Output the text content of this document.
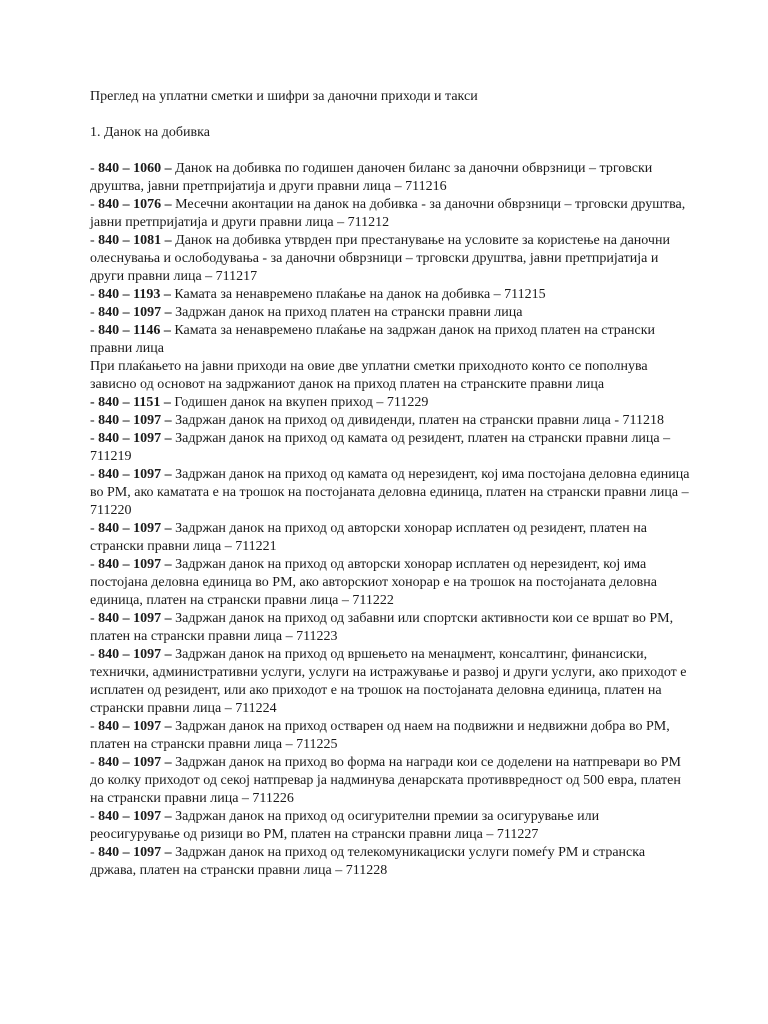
Преглед на уплатни сметки и шифри за даночни приходи и такси

1. Данок на добивка

- 840 – 1060 – Данок на добивка по годишен даночен биланс за даночни обврзници – трговски друштва, јавни претпријатија и други правни лица – 711216

- 840 – 1076 – Месечни аконтации на данок на добивка - за даночни обврзници – трговски друштва, јавни претпријатија и други правни лица – 711212

- 840 – 1081 – Данок на добивка утврден при престанување на условите за користење на даночни олеснувања и ослободувања - за даночни обврзници – трговски друштва, јавни претпријатија и други правни лица – 711217

- 840 – 1193 – Камата за ненавремено плаќање на данок на добивка – 711215

- 840 – 1097 – Задржан данок на приход платен на странски правни лица

- 840 – 1146 – Камата за ненавремено плаќање на задржан данок на приход платен на странски правни лица

При плаќањето на јавни приходи на овие две уплатни сметки приходното конто се пополнува зависно од основот на задржаниот данок на приход платен на странските правни лица

- 840 – 1151 – Годишен данок на вкупен приход – 711229

- 840 – 1097 – Задржан данок на приход од дивиденди, платен на странски правни лица - 711218

- 840 – 1097 – Задржан данок на приход од камата од резидент, платен на странски правни лица – 711219

- 840 – 1097 – Задржан данок на приход од камата од нерезидент, кој има постојана деловна единица во РМ, ако каматата е на трошок на постојаната деловна единица, платен на странски правни лица – 711220

- 840 – 1097 – Задржан данок на приход од авторски хонорар исплатен од резидент, платен на странски правни лица – 711221

- 840 – 1097 – Задржан данок на приход од авторски хонорар исплатен од нерезидент, кој има постојана деловна единица во РМ, ако авторскиот хонорар е на трошок на постојаната деловна единица, платен на странски правни лица – 711222

- 840 – 1097 – Задржан данок на приход од забавни или спортски активности кои се вршат во РМ, платен на странски правни лица – 711223

- 840 – 1097 – Задржан данок на приход од вршењето на менаџмент, консалтинг, финансиски, технички, административни услуги, услуги на истражување и развој и други услуги, ако приходот е исплатен од резидент, или ако приходот е на трошок на постојаната деловна единица, платен на странски правни лица – 711224

- 840 – 1097 – Задржан данок на приход остварен од наем на подвижни и недвижни добра во РМ, платен на странски правни лица – 711225

- 840 – 1097 – Задржан данок на приход во форма на награди кои се доделени на натпревари во РМ до колку приходот од секој натпревар ја надминува денарската противвредност од 500 евра, платен на странски правни лица – 711226

- 840 – 1097 – Задржан данок на приход од осигурителни премии за осигурување или реосигурување од ризици во РМ, платен на странски правни лица – 711227

- 840 – 1097 – Задржан данок на приход од телекомуникациски услуги помеѓу РМ и странска држава, платен на странски правни лица – 711228
